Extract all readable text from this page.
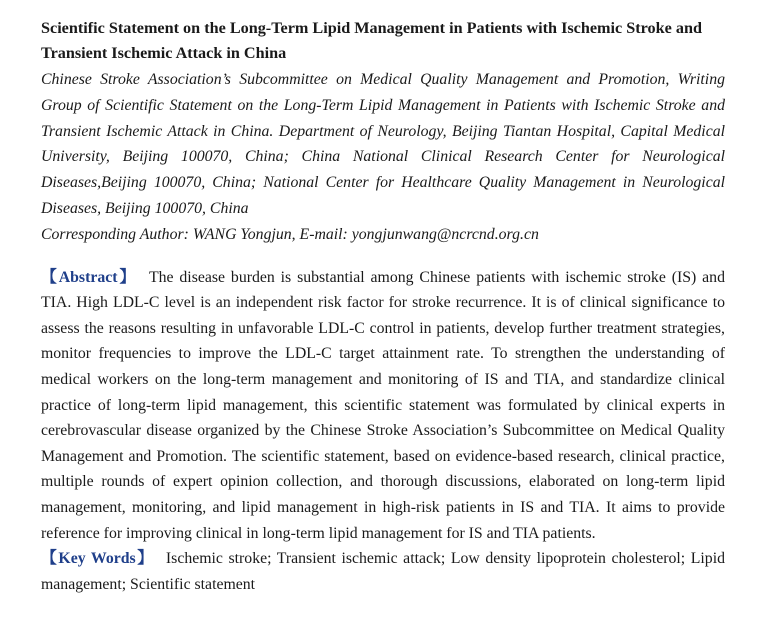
Scientific Statement on the Long-Term Lipid Management in Patients with Ischemic Stroke and Transient Ischemic Attack in China

Chinese Stroke Association’s Subcommittee on Medical Quality Management and Promotion, Writing Group of Scientific Statement on the Long-Term Lipid Management in Patients with Ischemic Stroke and Transient Ischemic Attack in China. Department of Neurology, Beijing Tiantan Hospital, Capital Medical University, Beijing 100070, China; China National Clinical Research Center for Neurological Diseases,Beijing 100070, China; National Center for Healthcare Quality Management in Neurological Diseases, Beijing 100070, China

Corresponding Author: WANG Yongjun, E-mail: yongjunwang@ncrcnd.org.cn

【Abstract】 The disease burden is substantial among Chinese patients with ischemic stroke (IS) and TIA. High LDL-C level is an independent risk factor for stroke recurrence. It is of clinical significance to assess the reasons resulting in unfavorable LDL-C control in patients, develop further treatment strategies, monitor frequencies to improve the LDL-C target attainment rate. To strengthen the understanding of medical workers on the long-term management and monitoring of IS and TIA, and standardize clinical practice of long-term lipid management, this scientific statement was formulated by clinical experts in cerebrovascular disease organized by the Chinese Stroke Association’s Subcommittee on Medical Quality Management and Promotion. The scientific statement, based on evidence-based research, clinical practice, multiple rounds of expert opinion collection, and thorough discussions, elaborated on long-term lipid management, monitoring, and lipid management in high-risk patients in IS and TIA. It aims to provide reference for improving clinical in long-term lipid management for IS and TIA patients.
【Key Words】 Ischemic stroke; Transient ischemic attack; Low density lipoprotein cholesterol; Lipid management; Scientific statement
